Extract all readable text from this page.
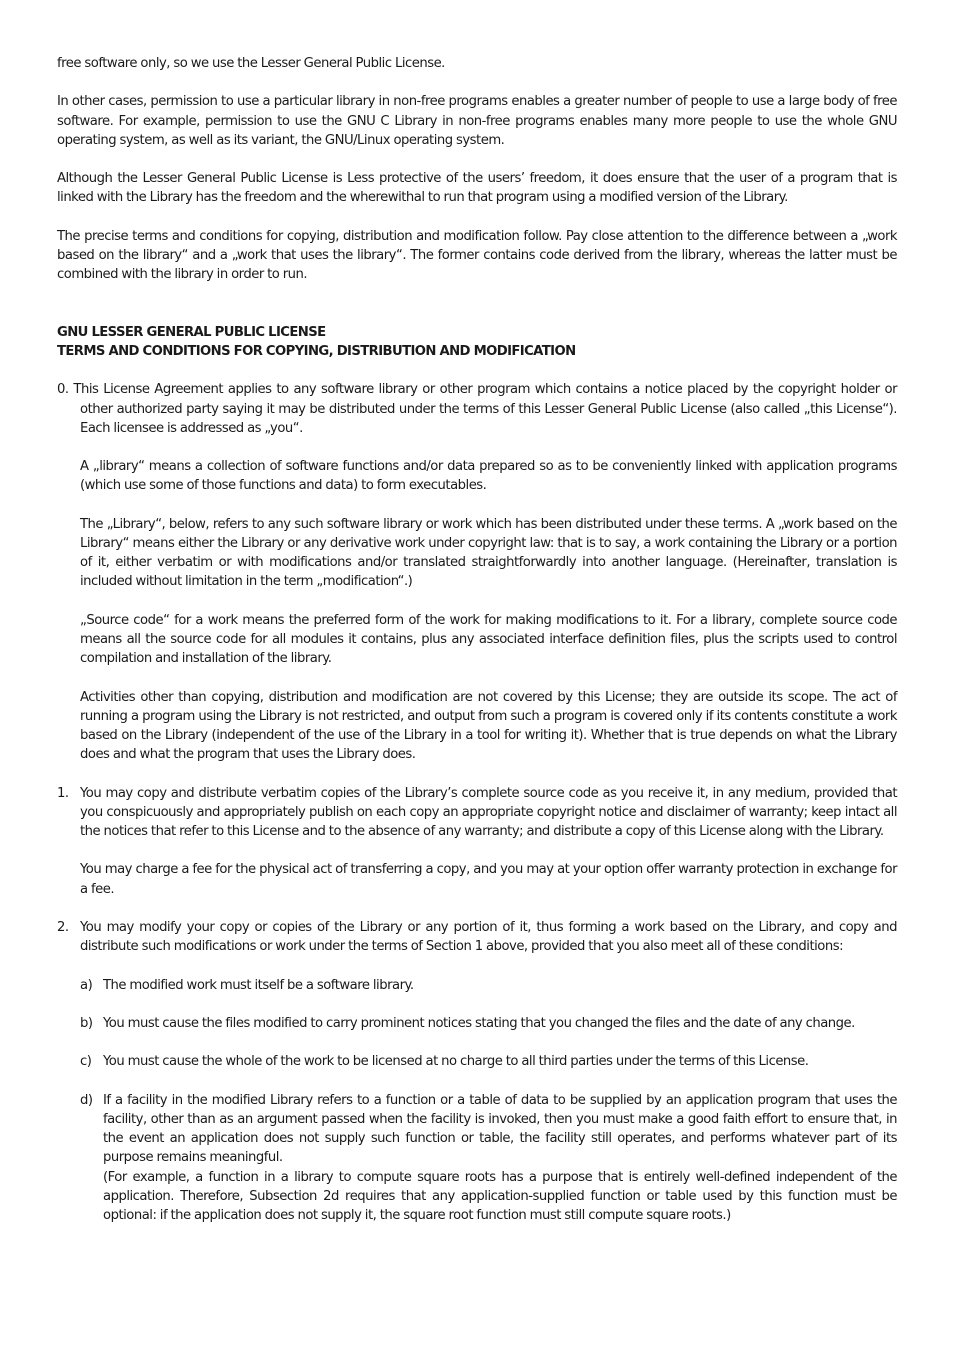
free software only, so we use the Lesser General Public License.

In other cases, permission to use a particular library in non-free programs enables a greater number of people to use a large body of free software. For example, permission to use the GNU C Library in non-free programs enables many more people to use the whole GNU operating system, as well as its variant, the GNU/Linux operating system.

Although the Lesser General Public License is Less protective of the users’ freedom, it does ensure that the user of a program that is linked with the Library has the freedom and the wherewithal to run that program using a modified version of the Library.

The precise terms and conditions for copying, distribution and modification follow. Pay close attention to the difference between a „work based on the library“ and a „work that uses the library“. The former contains code derived from the library, whereas the latter must be combined with the library in order to run.

GNU LESSER GENERAL PUBLIC LICENSE

TERMS AND CONDITIONS FOR COPYING, DISTRIBUTION AND MODIFICATION

0. This License Agreement applies to any software library or other program which contains a notice placed by the copyright holder or other authorized party saying it may be distributed under the terms of this Lesser General Public License (also called „this License“). Each licensee is addressed as „you“.

A „library“ means a collection of software functions and/or data prepared so as to be conveniently linked with application programs (which use some of those functions and data) to form executables.

The „Library“, below, refers to any such software library or work which has been distributed under these terms. A „work based on the Library“ means either the Library or any derivative work under copyright law: that is to say, a work containing the Library or a portion of it, either verbatim or with modifications and/or translated straightforwardly into another language. (Hereinafter, translation is included without limitation in the term „modification“.)

„Source code“ for a work means the preferred form of the work for making modifications to it. For a library, complete source code means all the source code for all modules it contains, plus any associated interface definition files, plus the scripts used to control compilation and installation of the library.

Activities other than copying, distribution and modification are not covered by this License; they are outside its scope. The act of running a program using the Library is not restricted, and output from such a program is covered only if its contents constitute a work based on the Library (independent of the use of the Library in a tool for writing it). Whether that is true depends on what the Library does and what the program that uses the Library does.

1. You may copy and distribute verbatim copies of the Library’s complete source code as you receive it, in any medium, provided that you conspicuously and appropriately publish on each copy an appropriate copyright notice and disclaimer of warranty; keep intact all the notices that refer to this License and to the absence of any warranty; and distribute a copy of this License along with the Library.

You may charge a fee for the physical act of transferring a copy, and you may at your option offer warranty protection in exchange for a fee.

2. You may modify your copy or copies of the Library or any portion of it, thus forming a work based on the Library, and copy and distribute such modifications or work under the terms of Section 1 above, provided that you also meet all of these conditions:

a) The modified work must itself be a software library.

b) You must cause the files modified to carry prominent notices stating that you changed the files and the date of any change.

c) You must cause the whole of the work to be licensed at no charge to all third parties under the terms of this License.

d) If a facility in the modified Library refers to a function or a table of data to be supplied by an application program that uses the facility, other than as an argument passed when the facility is invoked, then you must make a good faith effort to ensure that, in the event an application does not supply such function or table, the facility still operates, and performs whatever part of its purpose remains meaningful.

(For example, a function in a library to compute square roots has a purpose that is entirely well-defined independent of the application. Therefore, Subsection 2d requires that any application-supplied function or table used by this function must be optional: if the application does not supply it, the square root function must still compute square roots.)
